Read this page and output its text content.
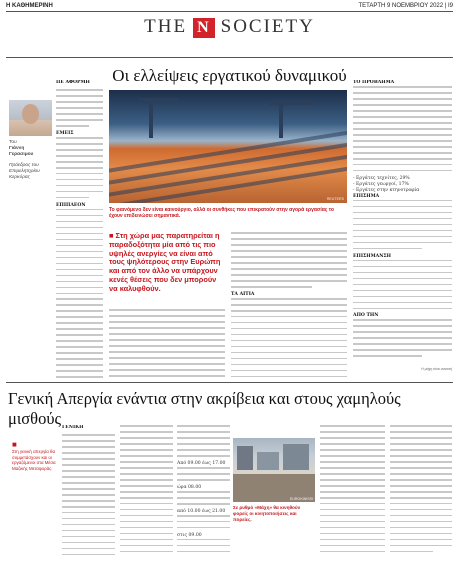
Η ΚΑΘΗΜΕΡΙΝΗ	ΤΕΤΑΡΤΗ 9 ΝΟΕΜΒΡΙΟΥ 2022 | Ι9
THE N SOCIETY
Οι ελλείψεις εργατικού δυναμικού
Του
Γιάννη
Γερασιμου
Πρόεδρος του Επιμελητηρίου Κερκύρας
ΠΕ ΑΦΟΡΜΗ
ΕΜΕΙΣ
ΕΠΙΠΛΕΟΝ
REUTERS
Το φαινόμενο δεν είναι καινούργιο, αλλά οι συνθήκες που επικρατούν στην αγορά εργασίας το έχουν επιδεινώσει σημαντικά.
■ Στη χώρα μας παρατηρείται η παραδοξότητα μία από τις πιο υψηλές ανεργίες να είναι από τους ψηλότερους στην Ευρώπη και από τον άλλο να υπάρχουν κενές θέσεις που δεν μπορούν να καλυφθούν.
ΤΑ ΑΙΤΙΑ
ΤΟ ΠΡΟΒΛΗΜΑ
- Εργάτες τεχνίτες, 29%
- Εργάτες γεωργοί, 17%
- Εργάτες στην κτηνοτροφία
ΕΠΙΣΗΜΑ
ΕΠΙΣΗΜΑΝΣΗ
ΑΠΟ ΤΗΝ
Η μάχη είναι ανοικτή
Γενική Απεργία ενάντια στην ακρίβεια και στους χαμηλούς μισθούς
■
Στη γενική απεργία θα συμμετάσχουν και οι εργαζόμενοι στα Μέσα Μαζικής Μεταφοράς.
ΓΕΝΙΚΗ
Από 09.00 έως 17.00
ώρα 08.00
από 10.00 έως 21.00
στις 09.00
EUROKINISSI
Σε ρυθμό «Μάχη» θα κινηθούν φορείς οι κινητοποιήσεις και πορείες.
